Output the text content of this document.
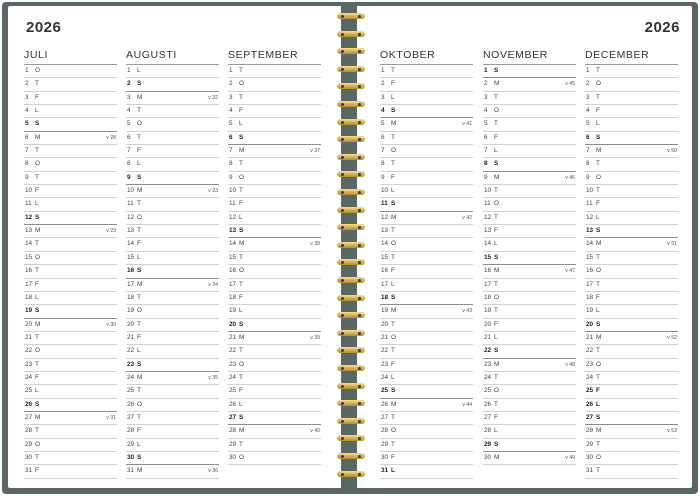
2026
JULI
1 O
2 T
3 F
4 L
5 S
6 M	v 28
7 T
8 O
9 T
10 F
11 L
12 S
13 M	v 29
14 T
15 O
16 T
17 F
18 L
19 S
20 M	v 30
21 T
22 O
23 T
24 F
25 L
26 S
27 M	v 31
28 T
29 O
30 T
31 F
AUGUSTI
1 L
2 S
3 M	v 32
4 T
5 O
6 T
7 F
8 L
9 S
10 M	v 33
11 T
12 O
13 T
14 F
15 L
16 S
17 M	v 34
18 T
19 O
20 T
21 F
22 L
23 S
24 M	v 35
25 T
26 O
27 T
28 F
29 L
30 S
31 M	v 36
SEPTEMBER
1 T
2 O
3 T
4 F
5 L
6 S
7 M	v 37
8 T
9 O
10 T
11 F
12 L
13 S
14 M	v 38
15 T
16 O
17 T
18 F
19 L
20 S
21 M	v 39
22 T
23 O
24 T
25 F
26 L
27 S
28 M	v 40
29 T
30 O
2026
OKTOBER
1 T
2 F
3 L
4 S
5 M	v 41
6 T
7 O
8 T
9 F
10 L
11 S
12 M	v 42
13 T
14 O
15 T
16 F
17 L
18 S
19 M	v 43
20 T
21 O
22 T
23 F
24 L
25 S
26 M	v 44
27 T
28 O
29 T
30 F
31 L
NOVEMBER
1 S
2 M	v 45
3 T
4 O
5 T
6 F
7 L
8 S
9 M	v 46
10 T
11 O
12 T
13 F
14 L
15 S
16 M	v 47
17 T
18 O
19 T
20 F
21 L
22 S
23 M	v 48
24 T
25 O
26 T
27 F
28 L
29 S
30 M	v 49
DECEMBER
1 T
2 O
3 T
4 F
5 L
6 S
7 M	v 50
8 T
9 O
10 T
11 F
12 L
13 S
14 M	v 51
15 T
16 O
17 T
18 F
19 L
20 S
21 M	v 52
22 T
23 O
24 T
25 F
26 L
27 S
28 M	v 53
29 T
30 O
31 T
